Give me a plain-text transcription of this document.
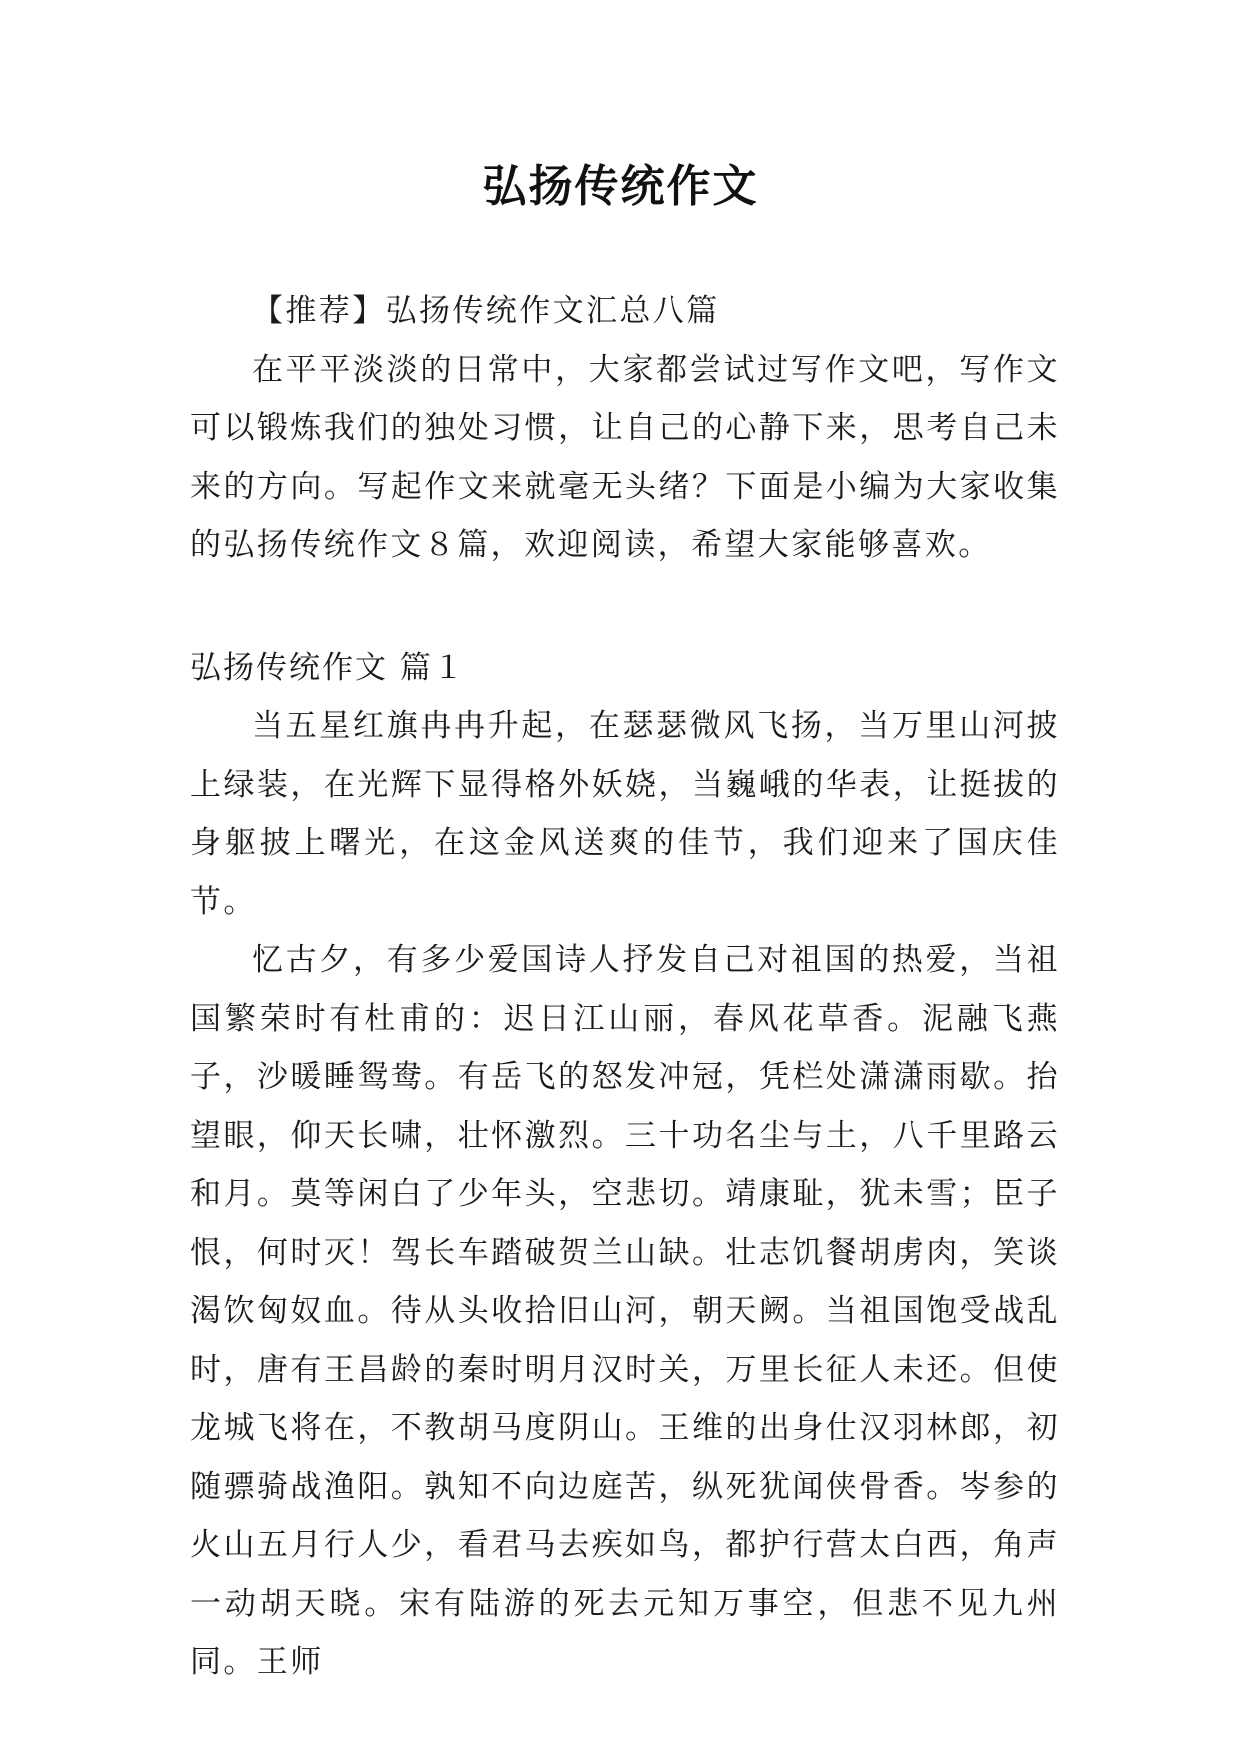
弘扬传统作文

【推荐】弘扬传统作文汇总八篇

在平平淡淡的日常中，大家都尝试过写作文吧，写作文可以锻炼我们的独处习惯，让自己的心静下来，思考自己未来的方向。写起作文来就毫无头绪？下面是小编为大家收集的弘扬传统作文８篇，欢迎阅读，希望大家能够喜欢。

弘扬传统作文 篇１

当五星红旗冉冉升起，在瑟瑟微风飞扬，当万里山河披上绿装，在光辉下显得格外妖娆，当巍峨的华表，让挺拔的身躯披上曙光，在这金风送爽的佳节，我们迎来了国庆佳节。

忆古夕，有多少爱国诗人抒发自己对祖国的热爱，当祖国繁荣时有杜甫的：迟日江山丽，春风花草香。泥融飞燕子，沙暖睡鸳鸯。有岳飞的怒发冲冠，凭栏处潇潇雨歇。抬望眼，仰天长啸，壮怀激烈。三十功名尘与土，八千里路云和月。莫等闲白了少年头，空悲切。靖康耻，犹未雪；臣子恨，何时灭！驾长车踏破贺兰山缺。壮志饥餐胡虏肉，笑谈渴饮匈奴血。待从头收拾旧山河，朝天阙。当祖国饱受战乱时，唐有王昌龄的秦时明月汉时关，万里长征人未还。但使龙城飞将在，不教胡马度阴山。王维的出身仕汉羽林郎，初随骠骑战渔阳。孰知不向边庭苦，纵死犹闻侠骨香。岑参的火山五月行人少，看君马去疾如鸟，都护行营太白西，角声一动胡天晓。宋有陆游的死去元知万事空，但悲不见九州同。王师
